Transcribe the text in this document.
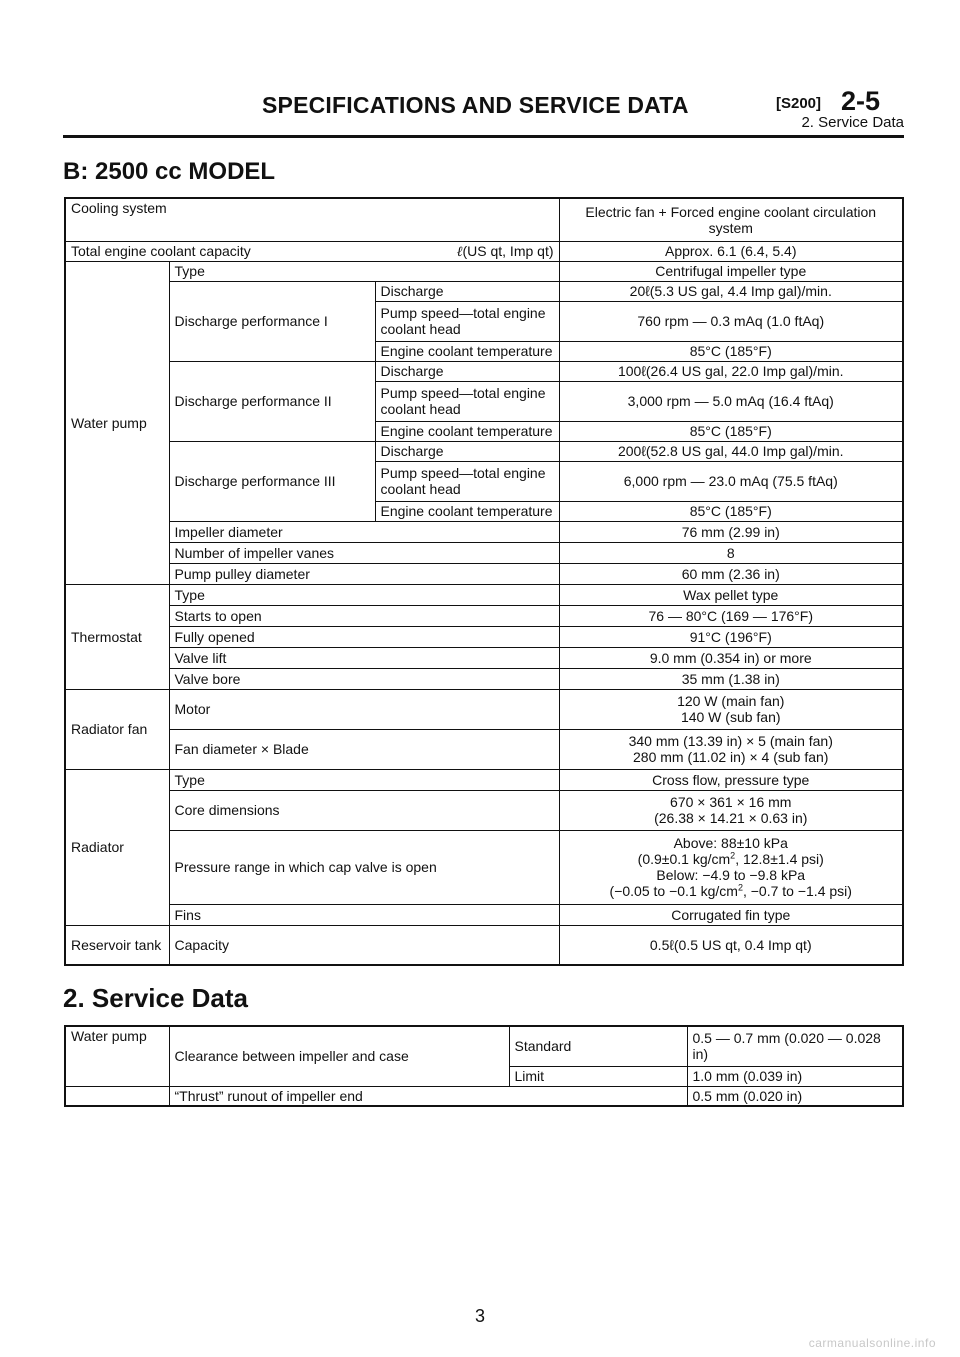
SPECIFICATIONS AND SERVICE DATA	[S200] 2-5
2. Service Data
B: 2500 cc MODEL
Cooling system			Electric fan + Forced engine coolant circulation system
Total engine coolant capacity ℓ(US qt, Imp qt)			Approx. 6.1 (6.4, 5.4)
Water pump	Type		Centrifugal impeller type
	Discharge performance I	Discharge	20ℓ(5.3 US gal, 4.4 Imp gal)/min.
		Pump speed—total engine coolant head	760 rpm — 0.3 mAq (1.0 ftAq)
		Engine coolant temperature	85°C (185°F)
	Discharge performance II	Discharge	100ℓ(26.4 US gal, 22.0 Imp gal)/min.
		Pump speed—total engine coolant head	3,000 rpm — 5.0 mAq (16.4 ftAq)
		Engine coolant temperature	85°C (185°F)
	Discharge performance III	Discharge	200ℓ(52.8 US gal, 44.0 Imp gal)/min.
		Pump speed—total engine coolant head	6,000 rpm — 23.0 mAq (75.5 ftAq)
		Engine coolant temperature	85°C (185°F)
	Impeller diameter		76 mm (2.99 in)
	Number of impeller vanes		8
	Pump pulley diameter		60 mm (2.36 in)
Thermostat	Type		Wax pellet type
	Starts to open		76 — 80°C (169 — 176°F)
	Fully opened		91°C (196°F)
	Valve lift		9.0 mm (0.354 in) or more
	Valve bore		35 mm (1.38 in)
Radiator fan	Motor		120 W (main fan)
140 W (sub fan)
	Fan diameter × Blade		340 mm (13.39 in) × 5 (main fan)
280 mm (11.02 in) × 4 (sub fan)
Radiator	Type		Cross flow, pressure type
	Core dimensions		670 × 361 × 16 mm
(26.38 × 14.21 × 0.63 in)
	Pressure range in which cap valve is open		Above: 88±10 kPa
(0.9±0.1 $kg/cm^2$, 12.8±1.4 psi)
Below: −4.9 to −9.8 kPa
(−0.05 to −0.1 $kg/cm^2$, −0.7 to −1.4 psi)
	Fins		Corrugated fin type
Reservoir tank	Capacity		0.5ℓ(0.5 US qt, 0.4 Imp qt)
2. Service Data
Water pump	Clearance between impeller and case	Standard	0.5 — 0.7 mm (0.020 — 0.028 in)
		Limit	1.0 mm (0.039 in)
	“Thrust” runout of impeller end		0.5 mm (0.020 in)
3
carmanualsonline.info
